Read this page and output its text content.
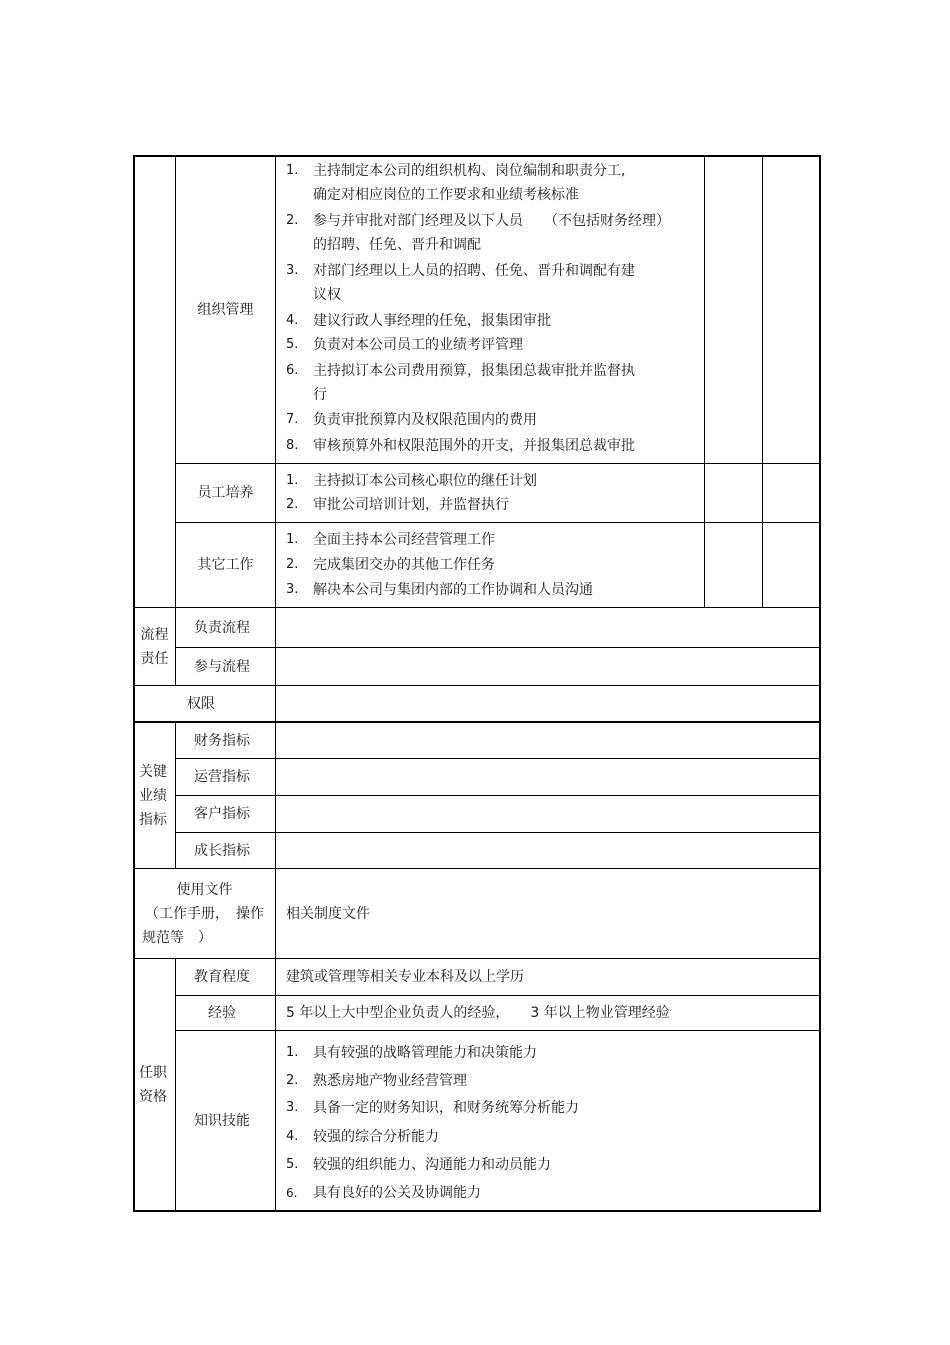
组织管理
1. 主持制定本公司的组织机构、岗位编制和职责分工,
确定对相应岗位的工作要求和业绩考核标准
2. 参与并审批对部门经理及以下人员　　（不包括财务经理）
的招聘、任免、晋升和调配
3. 对部门经理以上人员的招聘、任免、晋升和调配有建
议权
4. 建议行政人事经理的任免，报集团审批
5. 负责对本公司员工的业绩考评管理
6. 主持拟订本公司费用预算，报集团总裁审批并监督执
行
7. 负责审批预算内及权限范围内的费用
8. 审核预算外和权限范围外的开支，并报集团总裁审批
员工培养
1. 主持拟订本公司核心职位的继任计划
2. 审批公司培训计划，并监督执行
其它工作
1. 全面主持本公司经营管理工作
2. 完成集团交办的其他工作任务
3. 解决本公司与集团内部的工作协调和人员沟通
流程
责任
负责流程
参与流程
权限
关键
业绩
指标
财务指标
运营指标
客户指标
成长指标
使用文件
（工作手册，　操作
规范等　）
相关制度文件
任职
资格
教育程度	建筑或管理等相关专业本科及以上学历
经验	5 年以上大中型企业负责人的经验，　　3 年以上物业管理经验
知识技能
1. 具有较强的战略管理能力和决策能力
2. 熟悉房地产物业经营管理
3. 具备一定的财务知识，和财务统筹分析能力
4. 较强的综合分析能力
5. 较强的组织能力、沟通能力和动员能力
6. 具有良好的公关及协调能力
